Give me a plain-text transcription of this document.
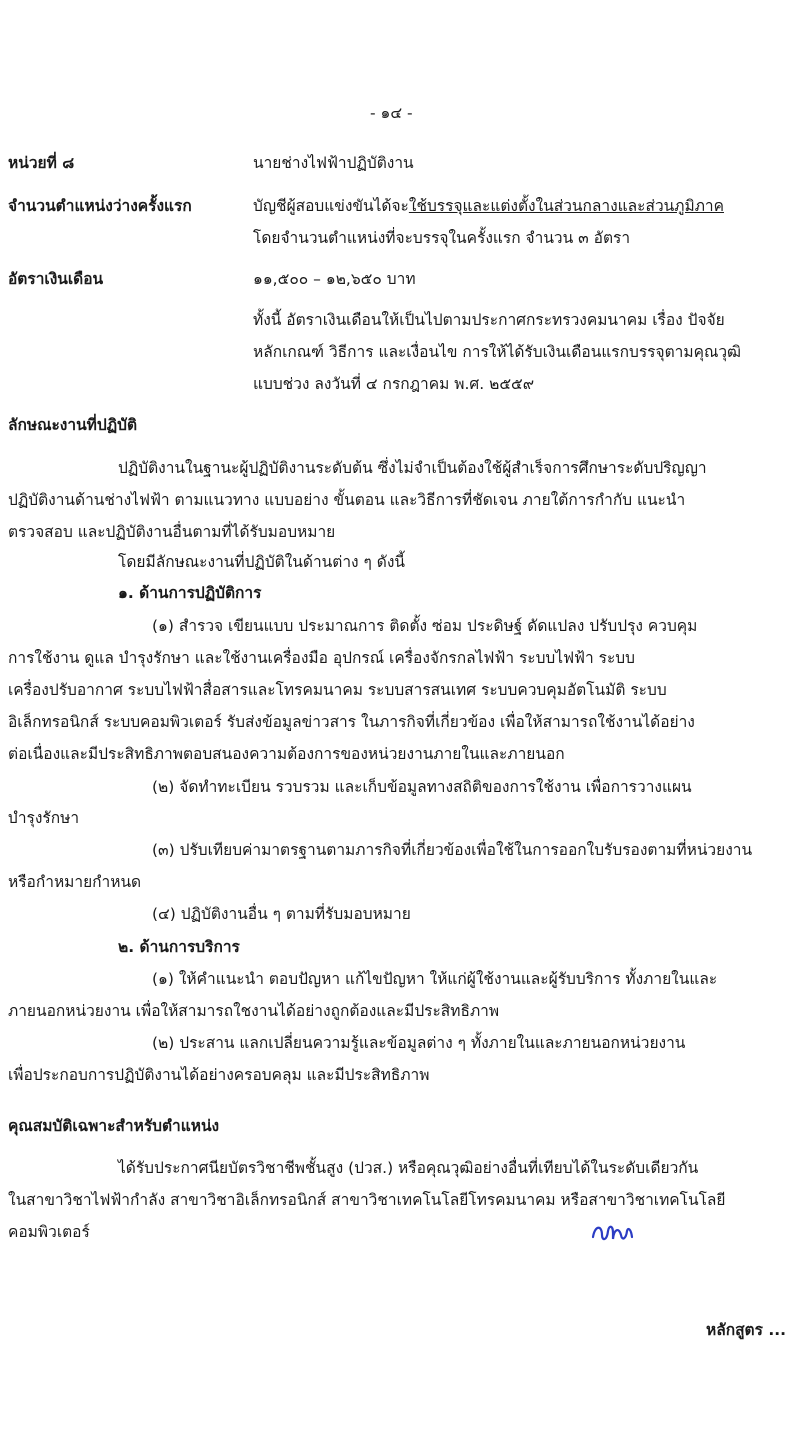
- ๑๔ -
หน่วยที่ ๘	นายช่างไฟฟ้าปฏิบัติงาน
จำนวนตำแหน่งว่างครั้งแรก	บัญชีผู้สอบแข่งขันได้จะใช้บรรจุและแต่งตั้งในส่วนกลางและส่วนภูมิภาค
โดยจำนวนตำแหน่งที่จะบรรจุในครั้งแรก จำนวน ๓ อัตรา
อัตราเงินเดือน	๑๑,๕๐๐ – ๑๒,๖๕๐ บาท
ทั้งนี้ อัตราเงินเดือนให้เป็นไปตามประกาศกระทรวงคมนาคม เรื่อง ปัจจัย
หลักเกณฑ์ วิธีการ และเงื่อนไข การให้ได้รับเงินเดือนแรกบรรจุตามคุณวุฒิ
แบบช่วง ลงวันที่ ๔ กรกฎาคม พ.ศ. ๒๕๕๙
ลักษณะงานที่ปฏิบัติ
ปฏิบัติงานในฐานะผู้ปฏิบัติงานระดับต้น ซึ่งไม่จำเป็นต้องใช้ผู้สำเร็จการศึกษาระดับปริญญา
ปฏิบัติงานด้านช่างไฟฟ้า ตามแนวทาง แบบอย่าง ขั้นตอน และวิธีการที่ชัดเจน ภายใต้การกำกับ แนะนำ
ตรวจสอบ และปฏิบัติงานอื่นตามที่ได้รับมอบหมาย
โดยมีลักษณะงานที่ปฏิบัติในด้านต่าง ๆ ดังนี้
๑. ด้านการปฏิบัติการ
(๑) สำรวจ เขียนแบบ ประมาณการ ติดตั้ง ซ่อม ประดิษฐ์ ดัดแปลง ปรับปรุง ควบคุม
การใช้งาน ดูแล บำรุงรักษา และใช้งานเครื่องมือ อุปกรณ์ เครื่องจักรกลไฟฟ้า ระบบไฟฟ้า ระบบ
เครื่องปรับอากาศ ระบบไฟฟ้าสื่อสารและโทรคมนาคม ระบบสารสนเทศ ระบบควบคุมอัตโนมัติ ระบบ
อิเล็กทรอนิกส์ ระบบคอมพิวเตอร์ รับส่งข้อมูลข่าวสาร ในภารกิจที่เกี่ยวข้อง เพื่อให้สามารถใช้งานได้อย่าง
ต่อเนื่องและมีประสิทธิภาพตอบสนองความต้องการของหน่วยงานภายในและภายนอก
(๒) จัดทำทะเบียน รวบรวม และเก็บข้อมูลทางสถิติของการใช้งาน เพื่อการวางแผน
บำรุงรักษา
(๓) ปรับเทียบค่ามาตรฐานตามภารกิจที่เกี่ยวข้องเพื่อใช้ในการออกใบรับรองตามที่หน่วยงาน
หรือกำหมายกำหนด
(๔) ปฏิบัติงานอื่น ๆ ตามที่รับมอบหมาย
๒. ด้านการบริการ
(๑) ให้คำแนะนำ ตอบปัญหา แก้ไขปัญหา ให้แก่ผู้ใช้งานและผู้รับบริการ ทั้งภายในและ
ภายนอกหน่วยงาน เพื่อให้สามารถใชงานได้อย่างถูกต้องและมีประสิทธิภาพ
(๒) ประสาน แลกเปลี่ยนความรู้และข้อมูลต่าง ๆ ทั้งภายในและภายนอกหน่วยงาน
เพื่อประกอบการปฏิบัติงานได้อย่างครอบคลุม และมีประสิทธิภาพ
คุณสมบัติเฉพาะสำหรับตำแหน่ง
ได้รับประกาศนียบัตรวิชาชีพชั้นสูง (ปวส.) หรือคุณวุฒิอย่างอื่นที่เทียบได้ในระดับเดียวกัน
ในสาขาวิชาไฟฟ้ากำลัง สาขาวิชาอิเล็กทรอนิกส์ สาขาวิชาเทคโนโลยีโทรคมนาคม หรือสาขาวิชาเทคโนโลยี
คอมพิวเตอร์
หลักสูตร ...
